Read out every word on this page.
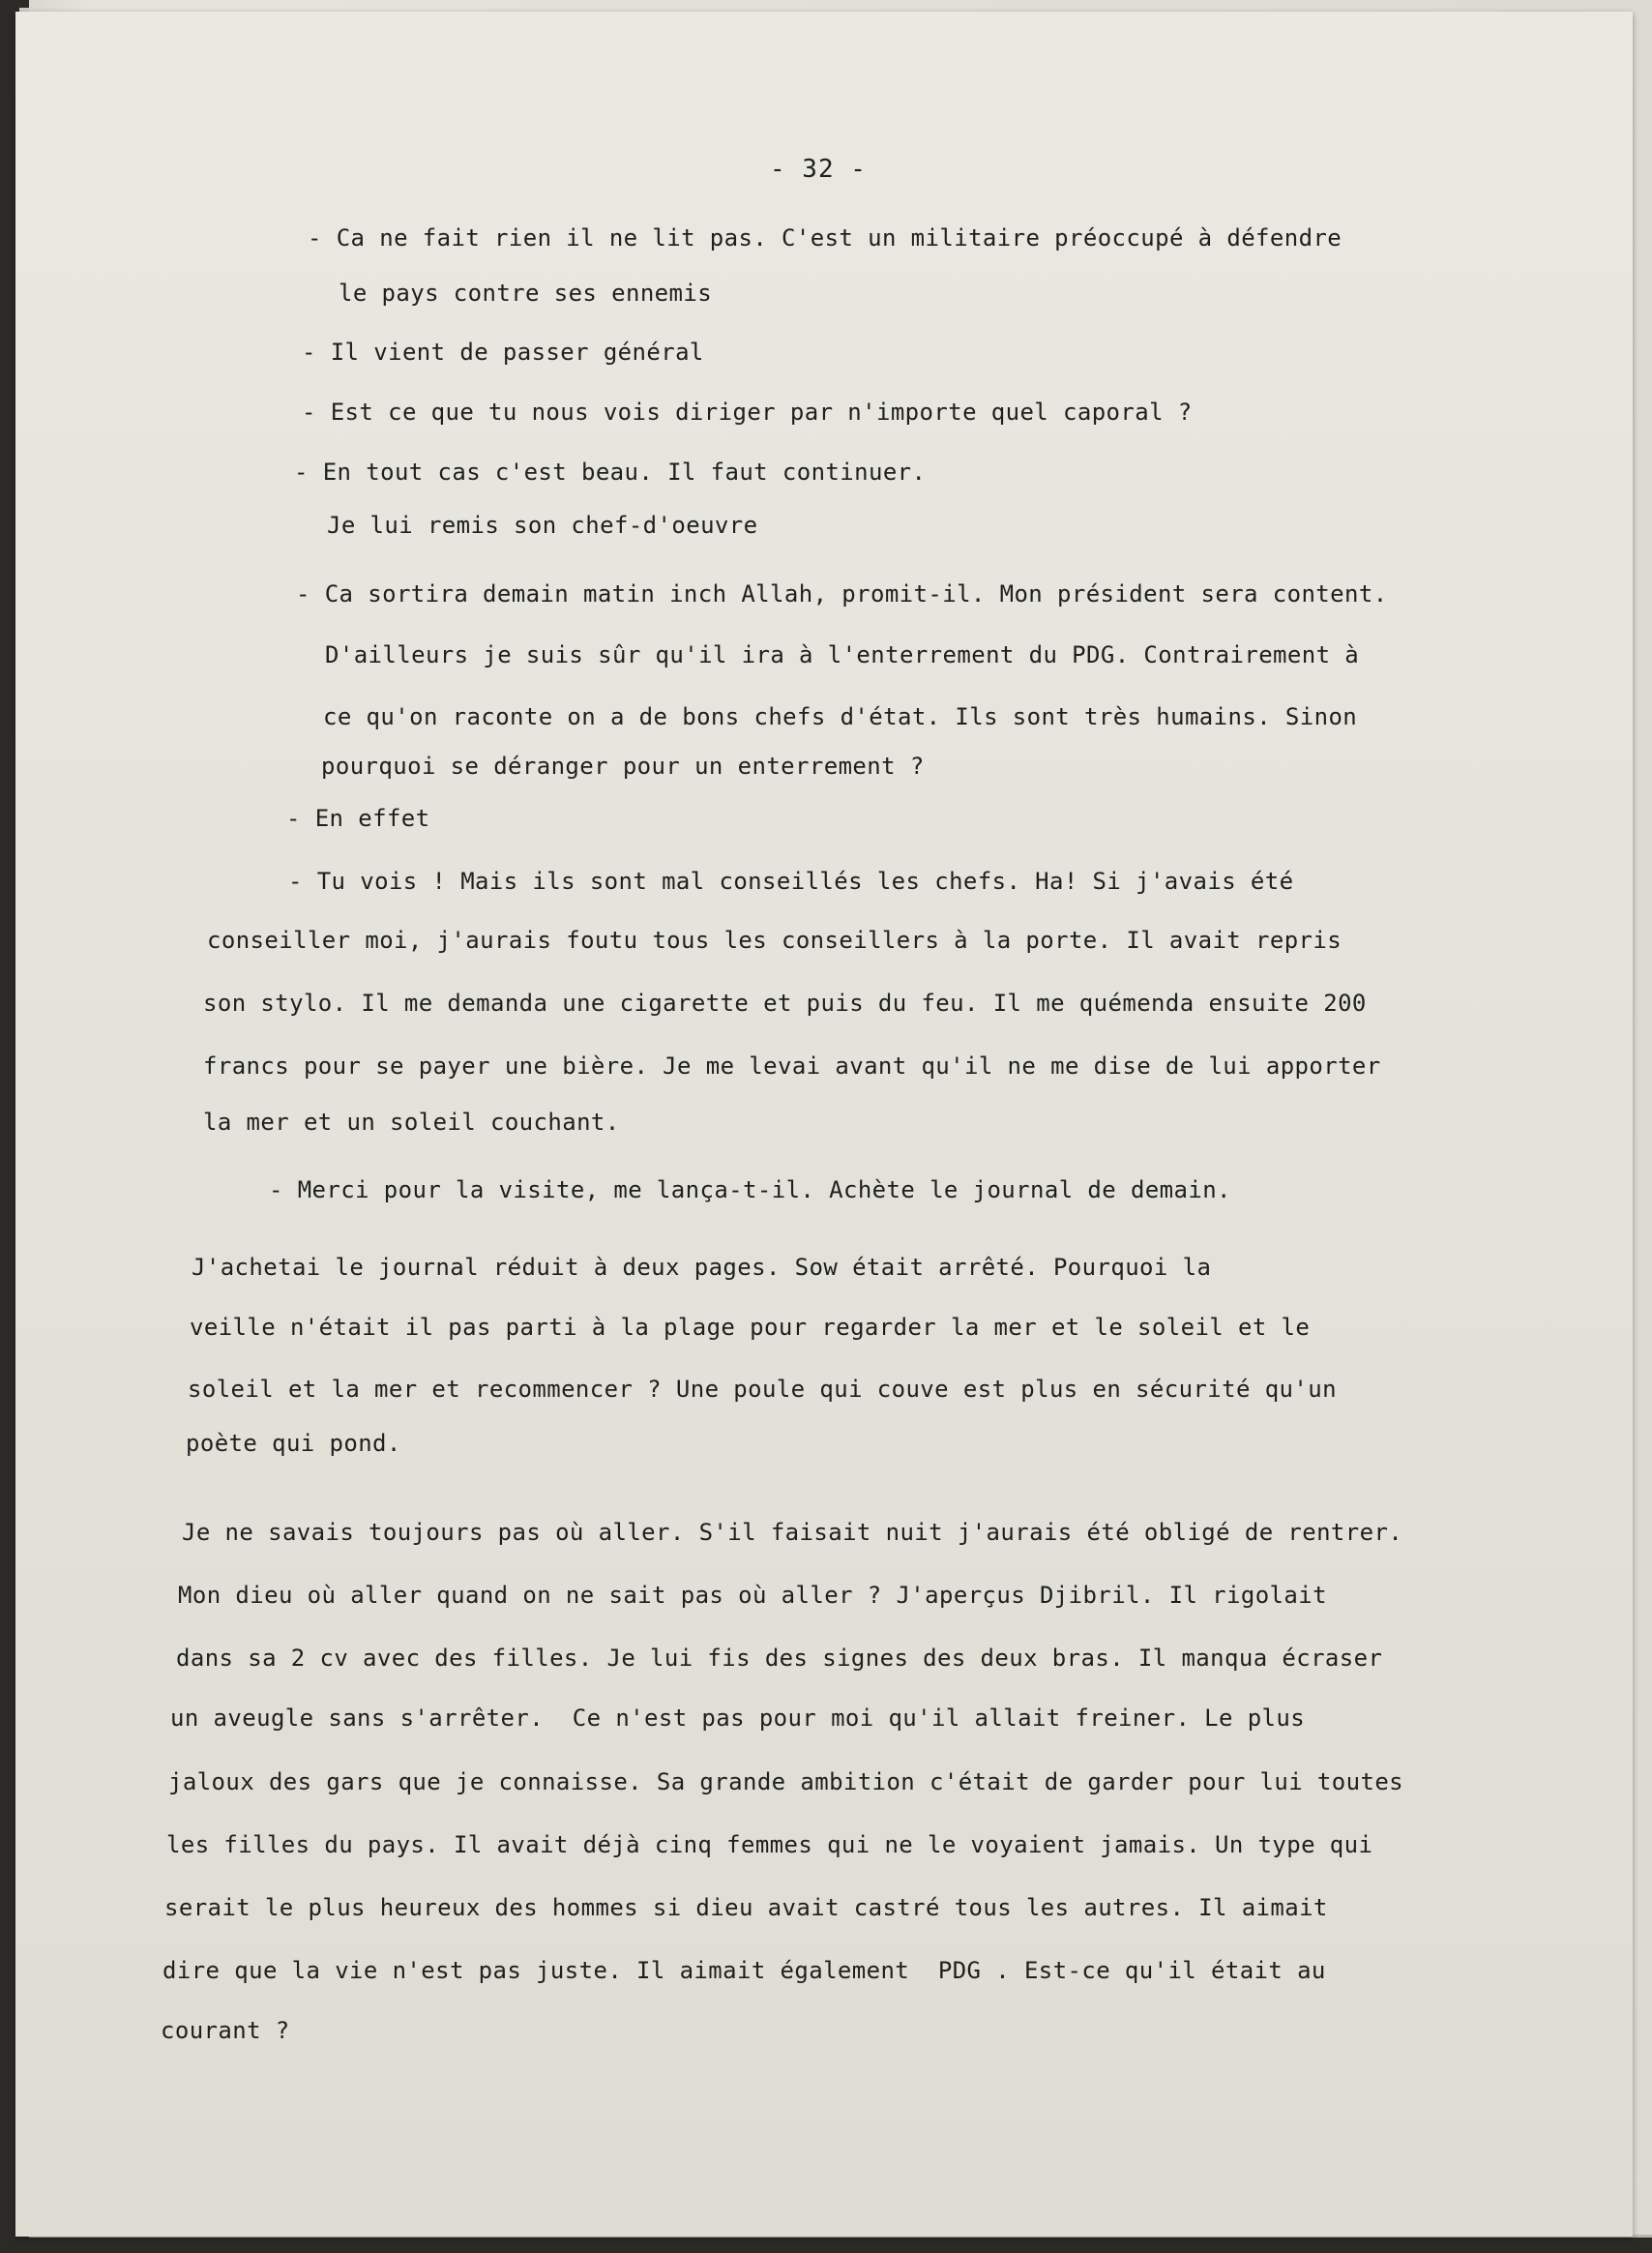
- 32 -
- Ca ne fait rien il ne lit pas. C'est un militaire préoccupé à défendre
le pays contre ses ennemis
- Il vient de passer général
- Est ce que tu nous vois diriger par n'importe quel caporal ?
- En tout cas c'est beau. Il faut continuer.
Je lui remis son chef-d'oeuvre
- Ca sortira demain matin inch Allah, promit-il. Mon président sera content.
D'ailleurs je suis sûr qu'il ira à l'enterrement du PDG. Contrairement à
ce qu'on raconte on a de bons chefs d'état. Ils sont très humains. Sinon
pourquoi se déranger pour un enterrement ?
- En effet
- Tu vois ! Mais ils sont mal conseillés les chefs. Ha! Si j'avais été
conseiller moi, j'aurais foutu tous les conseillers à la porte. Il avait repris
son stylo. Il me demanda une cigarette et puis du feu. Il me quémenda ensuite 200
francs pour se payer une bière. Je me levai avant qu'il ne me dise de lui apporter
la mer et un soleil couchant.
- Merci pour la visite, me lança-t-il. Achète le journal de demain.
J'achetai le journal réduit à deux pages. Sow était arrêté. Pourquoi la
veille n'était il pas parti à la plage pour regarder la mer et le soleil et le
soleil et la mer et recommencer ? Une poule qui couve est plus en sécurité qu'un
poète qui pond.
Je ne savais toujours pas où aller. S'il faisait nuit j'aurais été obligé de rentrer.
Mon dieu où aller quand on ne sait pas où aller ? J'aperçus Djibril. Il rigolait
dans sa 2 cv avec des filles. Je lui fis des signes des deux bras. Il manqua écraser
un aveugle sans s'arrêter.  Ce n'est pas pour moi qu'il allait freiner. Le plus
jaloux des gars que je connaisse. Sa grande ambition c'était de garder pour lui toutes
les filles du pays. Il avait déjà cinq femmes qui ne le voyaient jamais. Un type qui
serait le plus heureux des hommes si dieu avait castré tous les autres. Il aimait
dire que la vie n'est pas juste. Il aimait également  PDG . Est-ce qu'il était au
courant ?
